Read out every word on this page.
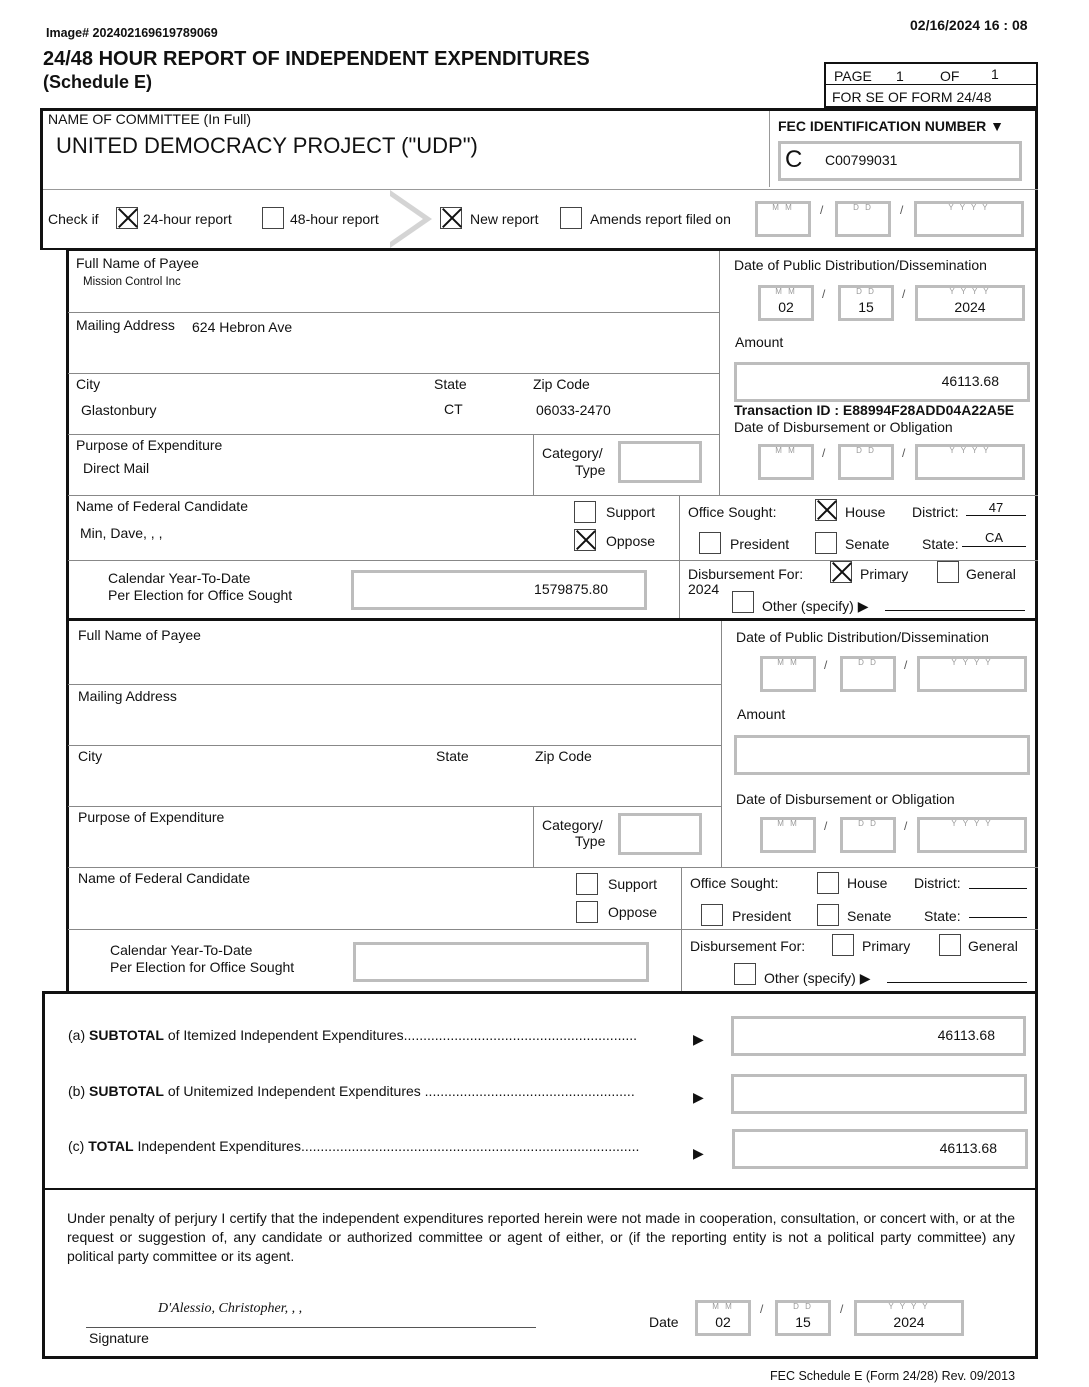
Image# 202402169619789069	02/16/2024 16 : 08
24/48 HOUR REPORT OF INDEPENDENT EXPENDITURES
(Schedule E)	PAGE 1	OF 1
FOR SE OF FORM 24/48
NAME OF COMMITTEE (In Full)
UNITED DEMOCRACY PROJECT ("UDP")
FEC IDENTIFICATION NUMBER ▼
C C00799031
Check if	24-hour report	48-hour report	New report	Amends report filed on
M M	/	D D	/	Y Y Y Y
Full Name of Payee
Mission Control Inc
Mailing Address 624 Hebron Ave
City	State	Zip Code
Glastonbury	CT	06033-2470
Purpose of Expenditure
Direct Mail
Category/
Type
Name of Federal Candidate
Min, Dave, , ,
Support
Oppose
Calendar Year-To-Date
Per Election for Office Sought	1579875.80
Date of Public Distribution/Dissemination
M M
02
/	D D
15
/	Y Y Y Y
2024
Amount
46113.68
Transaction ID : E88994F28ADD04A22A5E
Date of Disbursement or Obligation
M M	/	D D	/	Y Y Y Y
Office Sought:	House District:	47
President	Senate State:	CA
Disbursement For:
2024
Primary	General
Other (specify) ▶
Full Name of Payee
Mailing Address
City	State	Zip Code
Purpose of Expenditure	Category/
Type
Name of Federal Candidate	Support
Oppose
Calendar Year-To-Date
Per Election for Office Sought
Date of Public Distribution/Dissemination
M M	/	D D	/	Y Y Y Y
Amount
Date of Disbursement or Obligation
M M	/	D D	/	Y Y Y Y
Office Sought:	House District:
President	Senate State:
Disbursement For:	Primary	General
Other (specify) ▶
(a) SUBTOTAL of Itemized Independent Expenditures............................................................	▶	46113.68
(b) SUBTOTAL of Unitemized Independent Expenditures ......................................................	▶
(c) TOTAL Independent Expenditures.......................................................................................	▶	46113.68
Under penalty of perjury I certify that the independent expenditures reported herein were not made in cooperation, consultation, or concert with, or at the request or suggestion of, any candidate or authorized committee or agent of either, or (if the reporting entity is not a political party committee) any political party committee or its agent.
D'Alessio, Christopher, , ,
Signature
Date
M M
02
/	D D
15
/	Y Y Y Y
2024
FEC Schedule E (Form 24/28) Rev. 09/2013
